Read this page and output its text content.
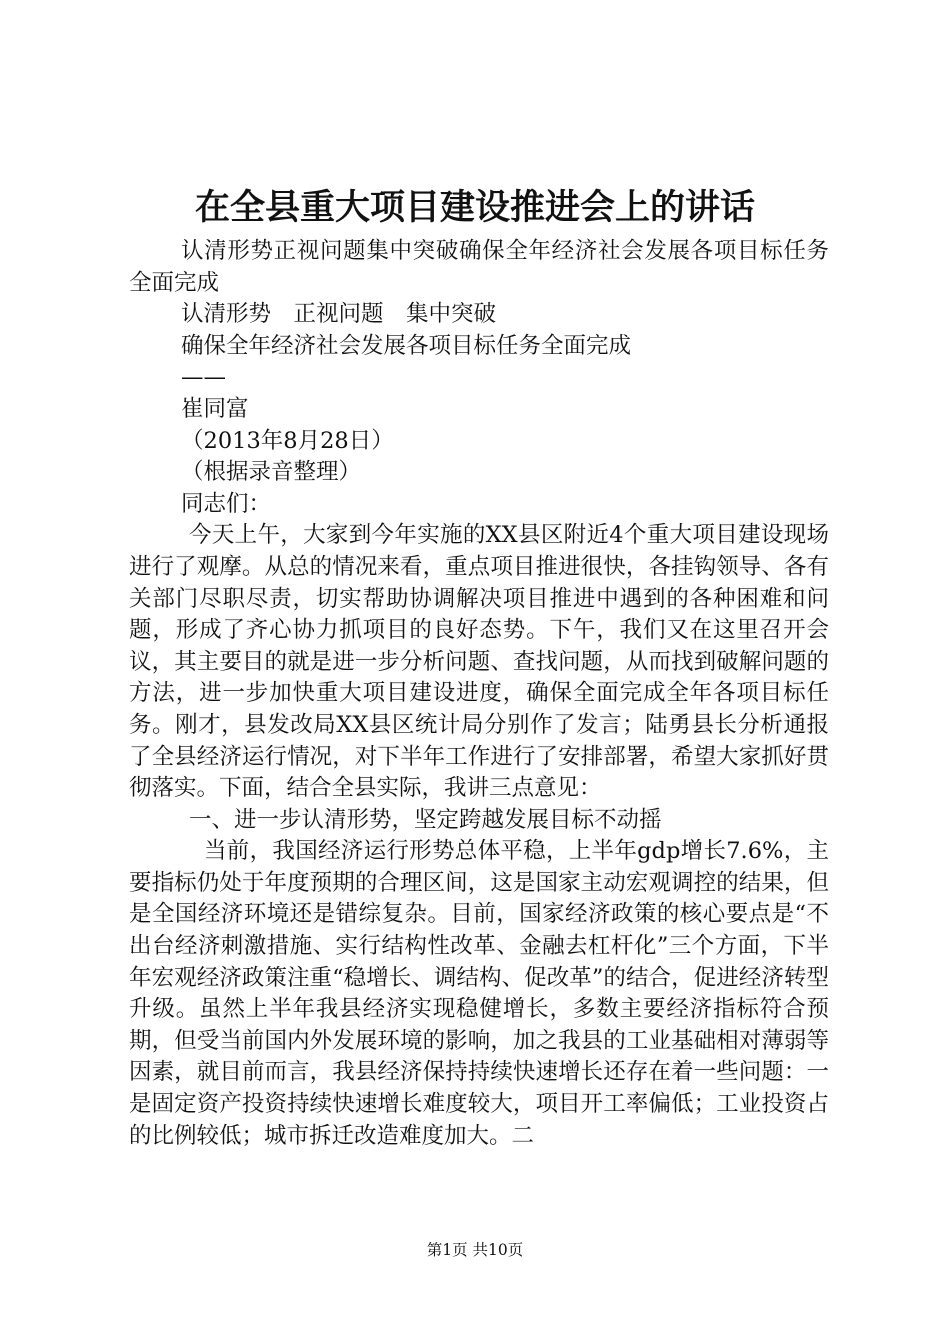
在全县重大项目建设推进会上的讲话

认清形势正视问题集中突破确保全年经济社会发展各项目标任务全面完成

认清形势　正视问题　集中突破

确保全年经济社会发展各项目标任务全面完成

——

崔同富

（2013年8月28日）

（根据录音整理）

同志们：

今天上午，大家到今年实施的XX县区附近4个重大项目建设现场进行了观摩。从总的情况来看，重点项目推进很快，各挂钩领导、各有关部门尽职尽责，切实帮助协调解决项目推进中遇到的各种困难和问题，形成了齐心协力抓项目的良好态势。下午，我们又在这里召开会议，其主要目的就是进一步分析问题、查找问题，从而找到破解问题的方法，进一步加快重大项目建设进度，确保全面完成全年各项目标任务。刚才，县发改局XX县区统计局分别作了发言；陆勇县长分析通报了全县经济运行情况，对下半年工作进行了安排部署，希望大家抓好贯彻落实。下面，结合全县实际，我讲三点意见：

一、进一步认清形势，坚定跨越发展目标不动摇

当前，我国经济运行形势总体平稳，上半年gdp增长7.6%，主要指标仍处于年度预期的合理区间，这是国家主动宏观调控的结果，但是全国经济环境还是错综复杂。目前，国家经济政策的核心要点是“不出台经济刺激措施、实行结构性改革、金融去杠杆化”三个方面，下半年宏观经济政策注重“稳增长、调结构、促改革”的结合，促进经济转型升级。虽然上半年我县经济实现稳健增长，多数主要经济指标符合预期，但受当前国内外发展环境的影响，加之我县的工业基础相对薄弱等因素，就目前而言，我县经济保持持续快速增长还存在着一些问题：一是固定资产投资持续快速增长难度较大，项目开工率偏低；工业投资占的比例较低；城市拆迁改造难度加大。二

第1页 共10页
